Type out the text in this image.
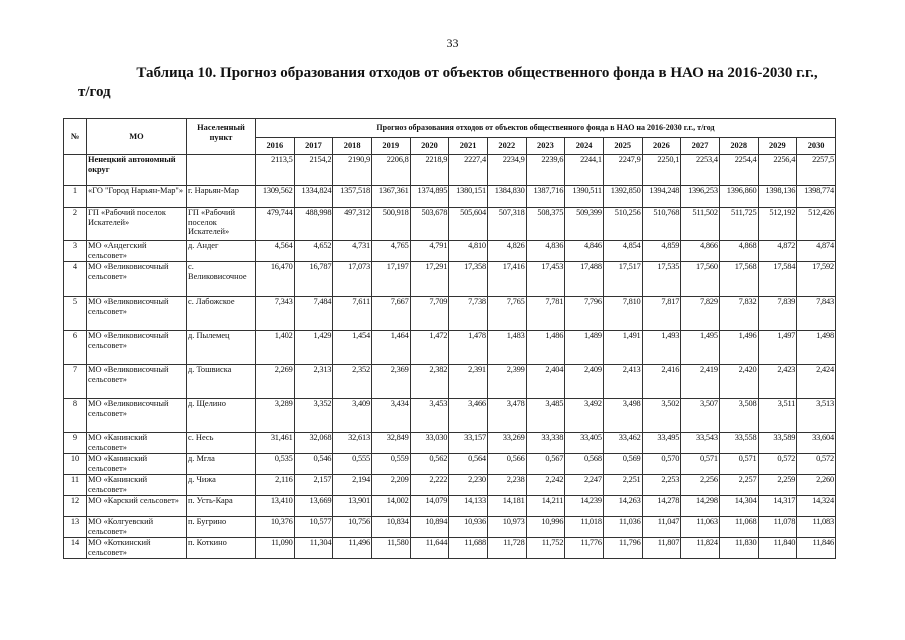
33
Таблица 10. Прогноз образования отходов от объектов общественного фонда в НАО на 2016-2030 г.г.,
т/год
№	МО	Населенный пункт	Прогноз образования отходов от объектов общественного фонда в НАО на 2016-2030 г.г., т/год														
			2016	2017	2018	2019	2020	2021	2022	2023	2024	2025	2026	2027	2028	2029	2030
	Ненецкий автономный округ		2113,5	2154,2	2190,9	2206,8	2218,9	2227,4	2234,9	2239,6	2244,1	2247,9	2250,1	2253,4	2254,4	2256,4	2257,5
1	«ГО "Город Нарьян-Мар"»	г. Нарьян-Мар	1309,562	1334,824	1357,518	1367,361	1374,895	1380,151	1384,830	1387,716	1390,511	1392,850	1394,248	1396,253	1396,860	1398,136	1398,774
2	ГП «Рабочий поселок Искателей»	ГП «Рабочий поселок Искателей»	479,744	488,998	497,312	500,918	503,678	505,604	507,318	508,375	509,399	510,256	510,768	511,502	511,725	512,192	512,426
3	МО «Андегский сельсовет»	д. Андег	4,564	4,652	4,731	4,765	4,791	4,810	4,826	4,836	4,846	4,854	4,859	4,866	4,868	4,872	4,874
4	МО «Великовисочный сельсовет»	с. Великовисочное	16,470	16,787	17,073	17,197	17,291	17,358	17,416	17,453	17,488	17,517	17,535	17,560	17,568	17,584	17,592
5	МО «Великовисочный сельсовет»	с. Лабожское	7,343	7,484	7,611	7,667	7,709	7,738	7,765	7,781	7,796	7,810	7,817	7,829	7,832	7,839	7,843
6	МО «Великовисочный сельсовет»	д. Пылемец	1,402	1,429	1,454	1,464	1,472	1,478	1,483	1,486	1,489	1,491	1,493	1,495	1,496	1,497	1,498
7	МО «Великовисочный сельсовет»	д. Тошвиска	2,269	2,313	2,352	2,369	2,382	2,391	2,399	2,404	2,409	2,413	2,416	2,419	2,420	2,423	2,424
8	МО «Великовисочный сельсовет»	д. Щелино	3,289	3,352	3,409	3,434	3,453	3,466	3,478	3,485	3,492	3,498	3,502	3,507	3,508	3,511	3,513
9	МО «Канинский сельсовет»	с. Несь	31,461	32,068	32,613	32,849	33,030	33,157	33,269	33,338	33,405	33,462	33,495	33,543	33,558	33,589	33,604
10	МО «Канинский сельсовет»	д. Мгла	0,535	0,546	0,555	0,559	0,562	0,564	0,566	0,567	0,568	0,569	0,570	0,571	0,571	0,572	0,572
11	МО «Канинский сельсовет»	д. Чижа	2,116	2,157	2,194	2,209	2,222	2,230	2,238	2,242	2,247	2,251	2,253	2,256	2,257	2,259	2,260
12	МО «Карский сельсовет»	п. Усть-Кара	13,410	13,669	13,901	14,002	14,079	14,133	14,181	14,211	14,239	14,263	14,278	14,298	14,304	14,317	14,324
13	МО «Колгуевский сельсовет»	п. Бугрино	10,376	10,577	10,756	10,834	10,894	10,936	10,973	10,996	11,018	11,036	11,047	11,063	11,068	11,078	11,083
14	МО «Коткинский сельсовет»	п. Коткино	11,090	11,304	11,496	11,580	11,644	11,688	11,728	11,752	11,776	11,796	11,807	11,824	11,830	11,840	11,846
